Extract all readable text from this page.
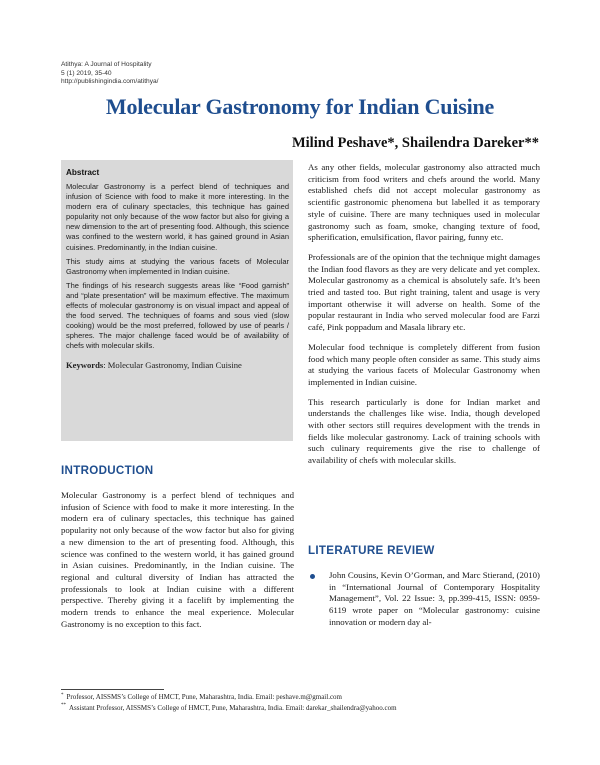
Atithya: A Journal of Hospitality
5 (1) 2019, 35-40
http://publishingindia.com/atithya/
Molecular Gastronomy for Indian Cuisine
Milind Peshave*, Shailendra Dareker**
Abstract

Molecular Gastronomy is a perfect blend of techniques and infusion of Science with food to make it more interesting. In the modern era of culinary spectacles, this technique has gained popularity not only because of the wow factor but also for giving a new dimension to the art of presenting food. Although, this science was confined to the western world, it has gained ground in Asian cuisines. Predominantly, in the Indian cuisine.

This study aims at studying the various facets of Molecular Gastronomy when implemented in Indian cuisine.

The findings of his research suggests areas like “Food garnish” and “plate presentation” will be maximum effective. The maximum effects of molecular gastronomy is on visual impact and appeal of the food served. The techniques of foams and sous vied (slow cooking) would be the most preferred, followed by use of pearls / spheres. The major challenge faced would be of availability of chefs with molecular skills.

Keywords: Molecular Gastronomy, Indian Cuisine

INTRODUCTION

Molecular Gastronomy is a perfect blend of techniques and infusion of Science with food to make it more interesting. In the modern era of culinary spectacles, this technique has gained popularity not only because of the wow factor but also for giving a new dimension to the art of presenting food. Although, this science was confined to the western world, it has gained ground in Asian cuisines. Predominantly, in the Indian cuisine. The regional and cultural diversity of Indian has attracted the professionals to look at Indian cuisine with a different perspective. Thereby giving it a facelift by implementing the modern trends to enhance the meal experience. Molecular Gastronomy is no exception to this fact.

As any other fields, molecular gastronomy also attracted much criticism from food writers and chefs around the world. Many established chefs did not accept molecular gastronomy as scientific gastronomic phenomena but labelled it as temporary style of cuisine. There are many techniques used in molecular gastronomy such as foam, smoke, changing texture of food, spherification, emulsification, flavor pairing, funny etc.

Professionals are of the opinion that the technique might damages the Indian food flavors as they are very delicate and yet complex. Molecular gastronomy as a chemical is absolutely safe. It’s been tried and tasted too. But right training, talent and usage is very important otherwise it will adverse on health. Some of the popular restaurant in India who served molecular food are Farzi café, Pink poppadum and Masala library etc.

Molecular food technique is completely different from fusion food which many people often consider as same. This study aims at studying the various facets of Molecular Gastronomy when implemented in Indian cuisine.

This research particularly is done for Indian market and understands the challenges like wise. India, though developed with other sectors still requires development with the trends in fields like molecular gastronomy. Lack of training schools with such culinary requirements give the rise to challenge of availability of chefs with molecular skills.

LITERATURE REVIEW
John Cousins, Kevin O’Gorman, and Marc Stierand, (2010) in “International Journal of Contemporary Hospitality Management”, Vol. 22 Issue: 3, pp.399-415, ISSN: 0959-6119 wrote paper on “Molecular gastronomy: cuisine innovation or modern day al-
* Professor, AISSMS’s College of HMCT, Pune, Maharashtra, India. Email: peshave.m@gmail.com
** Assistant Professor, AISSMS’s College of HMCT, Pune, Maharashtra, India. Email: darekar_shailendra@yahoo.com
